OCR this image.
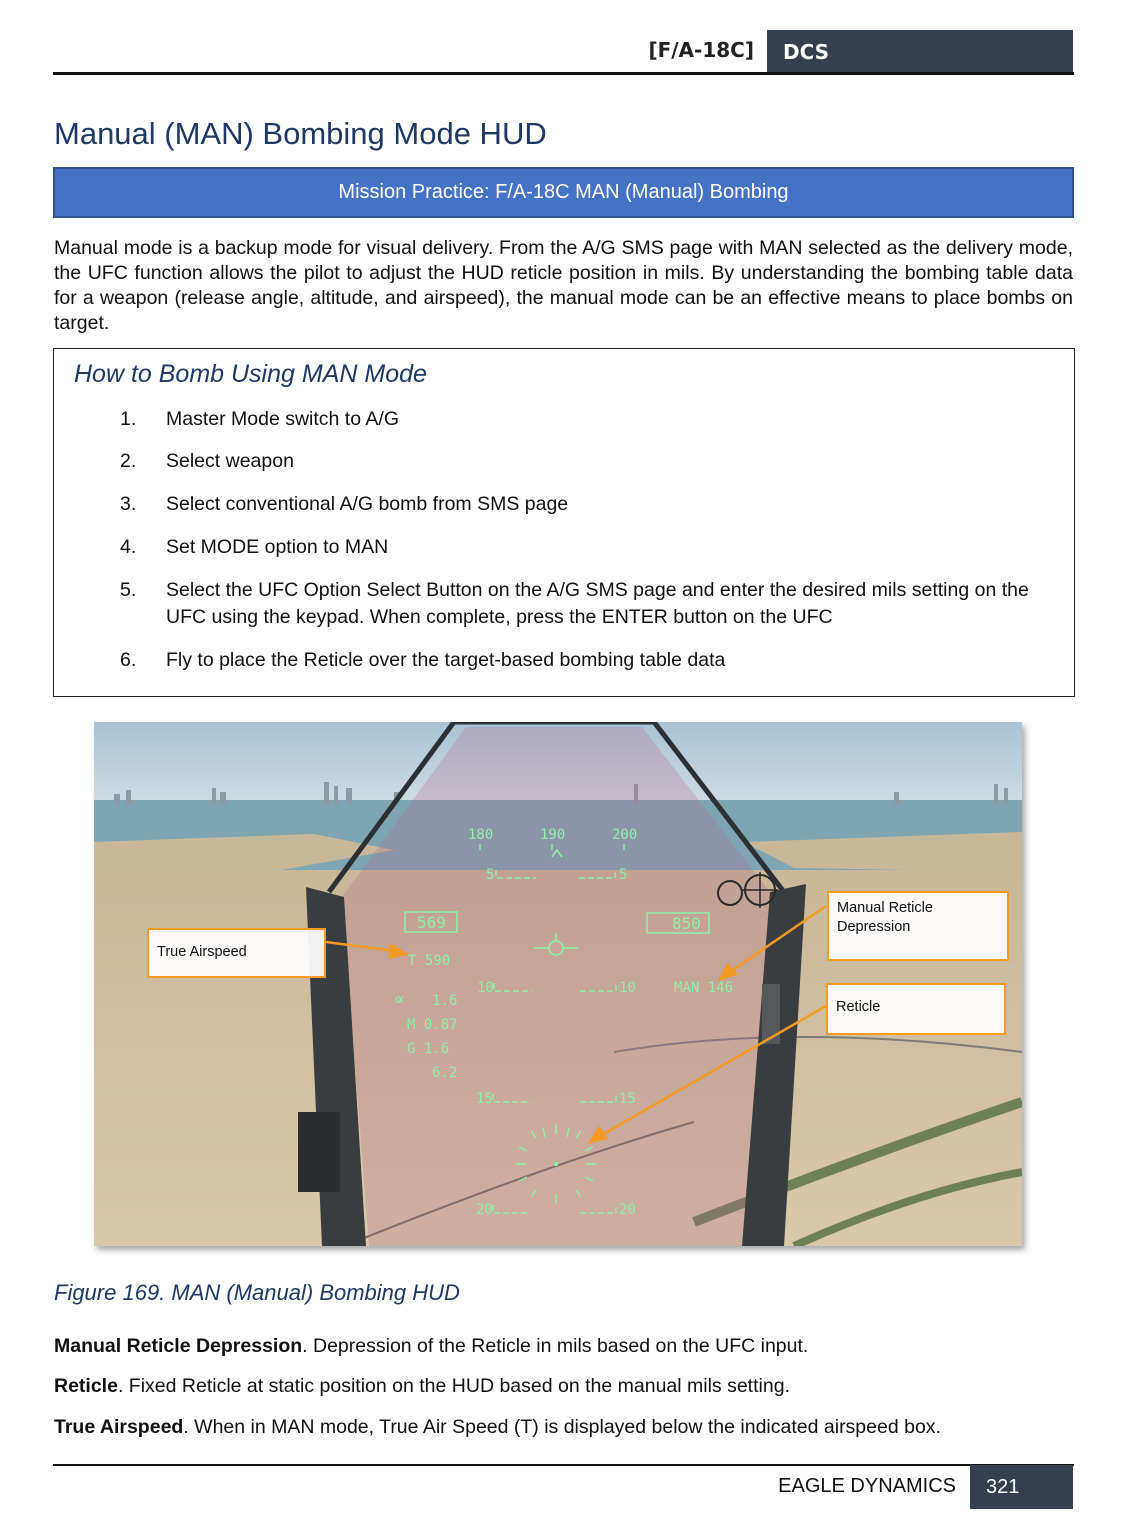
[F/A-18C]	DCS
Manual (MAN) Bombing Mode HUD
Mission Practice: F/A-18C MAN (Manual) Bombing

Manual mode is a backup mode for visual delivery. From the A/G SMS page with MAN selected as the delivery mode, the UFC function allows the pilot to adjust the HUD reticle position in mils. By understanding the bombing table data for a weapon (release angle, altitude, and airspeed), the manual mode can be an effective means to place bombs on target.

How to Bomb Using MAN Mode
1. Master Mode switch to A/G
2. Select weapon
3. Select conventional A/G bomb from SMS page
4. Set MODE option to MAN
5. Select the UFC Option Select Button on the A/G SMS page and enter the desired mils setting on the UFC using the keypad. When complete, press the ENTER button on the UFC
6. Fly to place the Reticle over the target-based bombing table data
180	190	200
5	5
569	850
T 590
10	10	MAN 146
∝ 1.6
M 0.87
G 1.6
6.2
15	15
20	20
True Airspeed
Manual Reticle Depression
Reticle
Figure 169. MAN (Manual) Bombing HUD
Manual Reticle Depression. Depression of the Reticle in mils based on the UFC input.
Reticle. Fixed Reticle at static position on the HUD based on the manual mils setting.
True Airspeed. When in MAN mode, True Air Speed (T) is displayed below the indicated airspeed box.
EAGLE DYNAMICS	321
